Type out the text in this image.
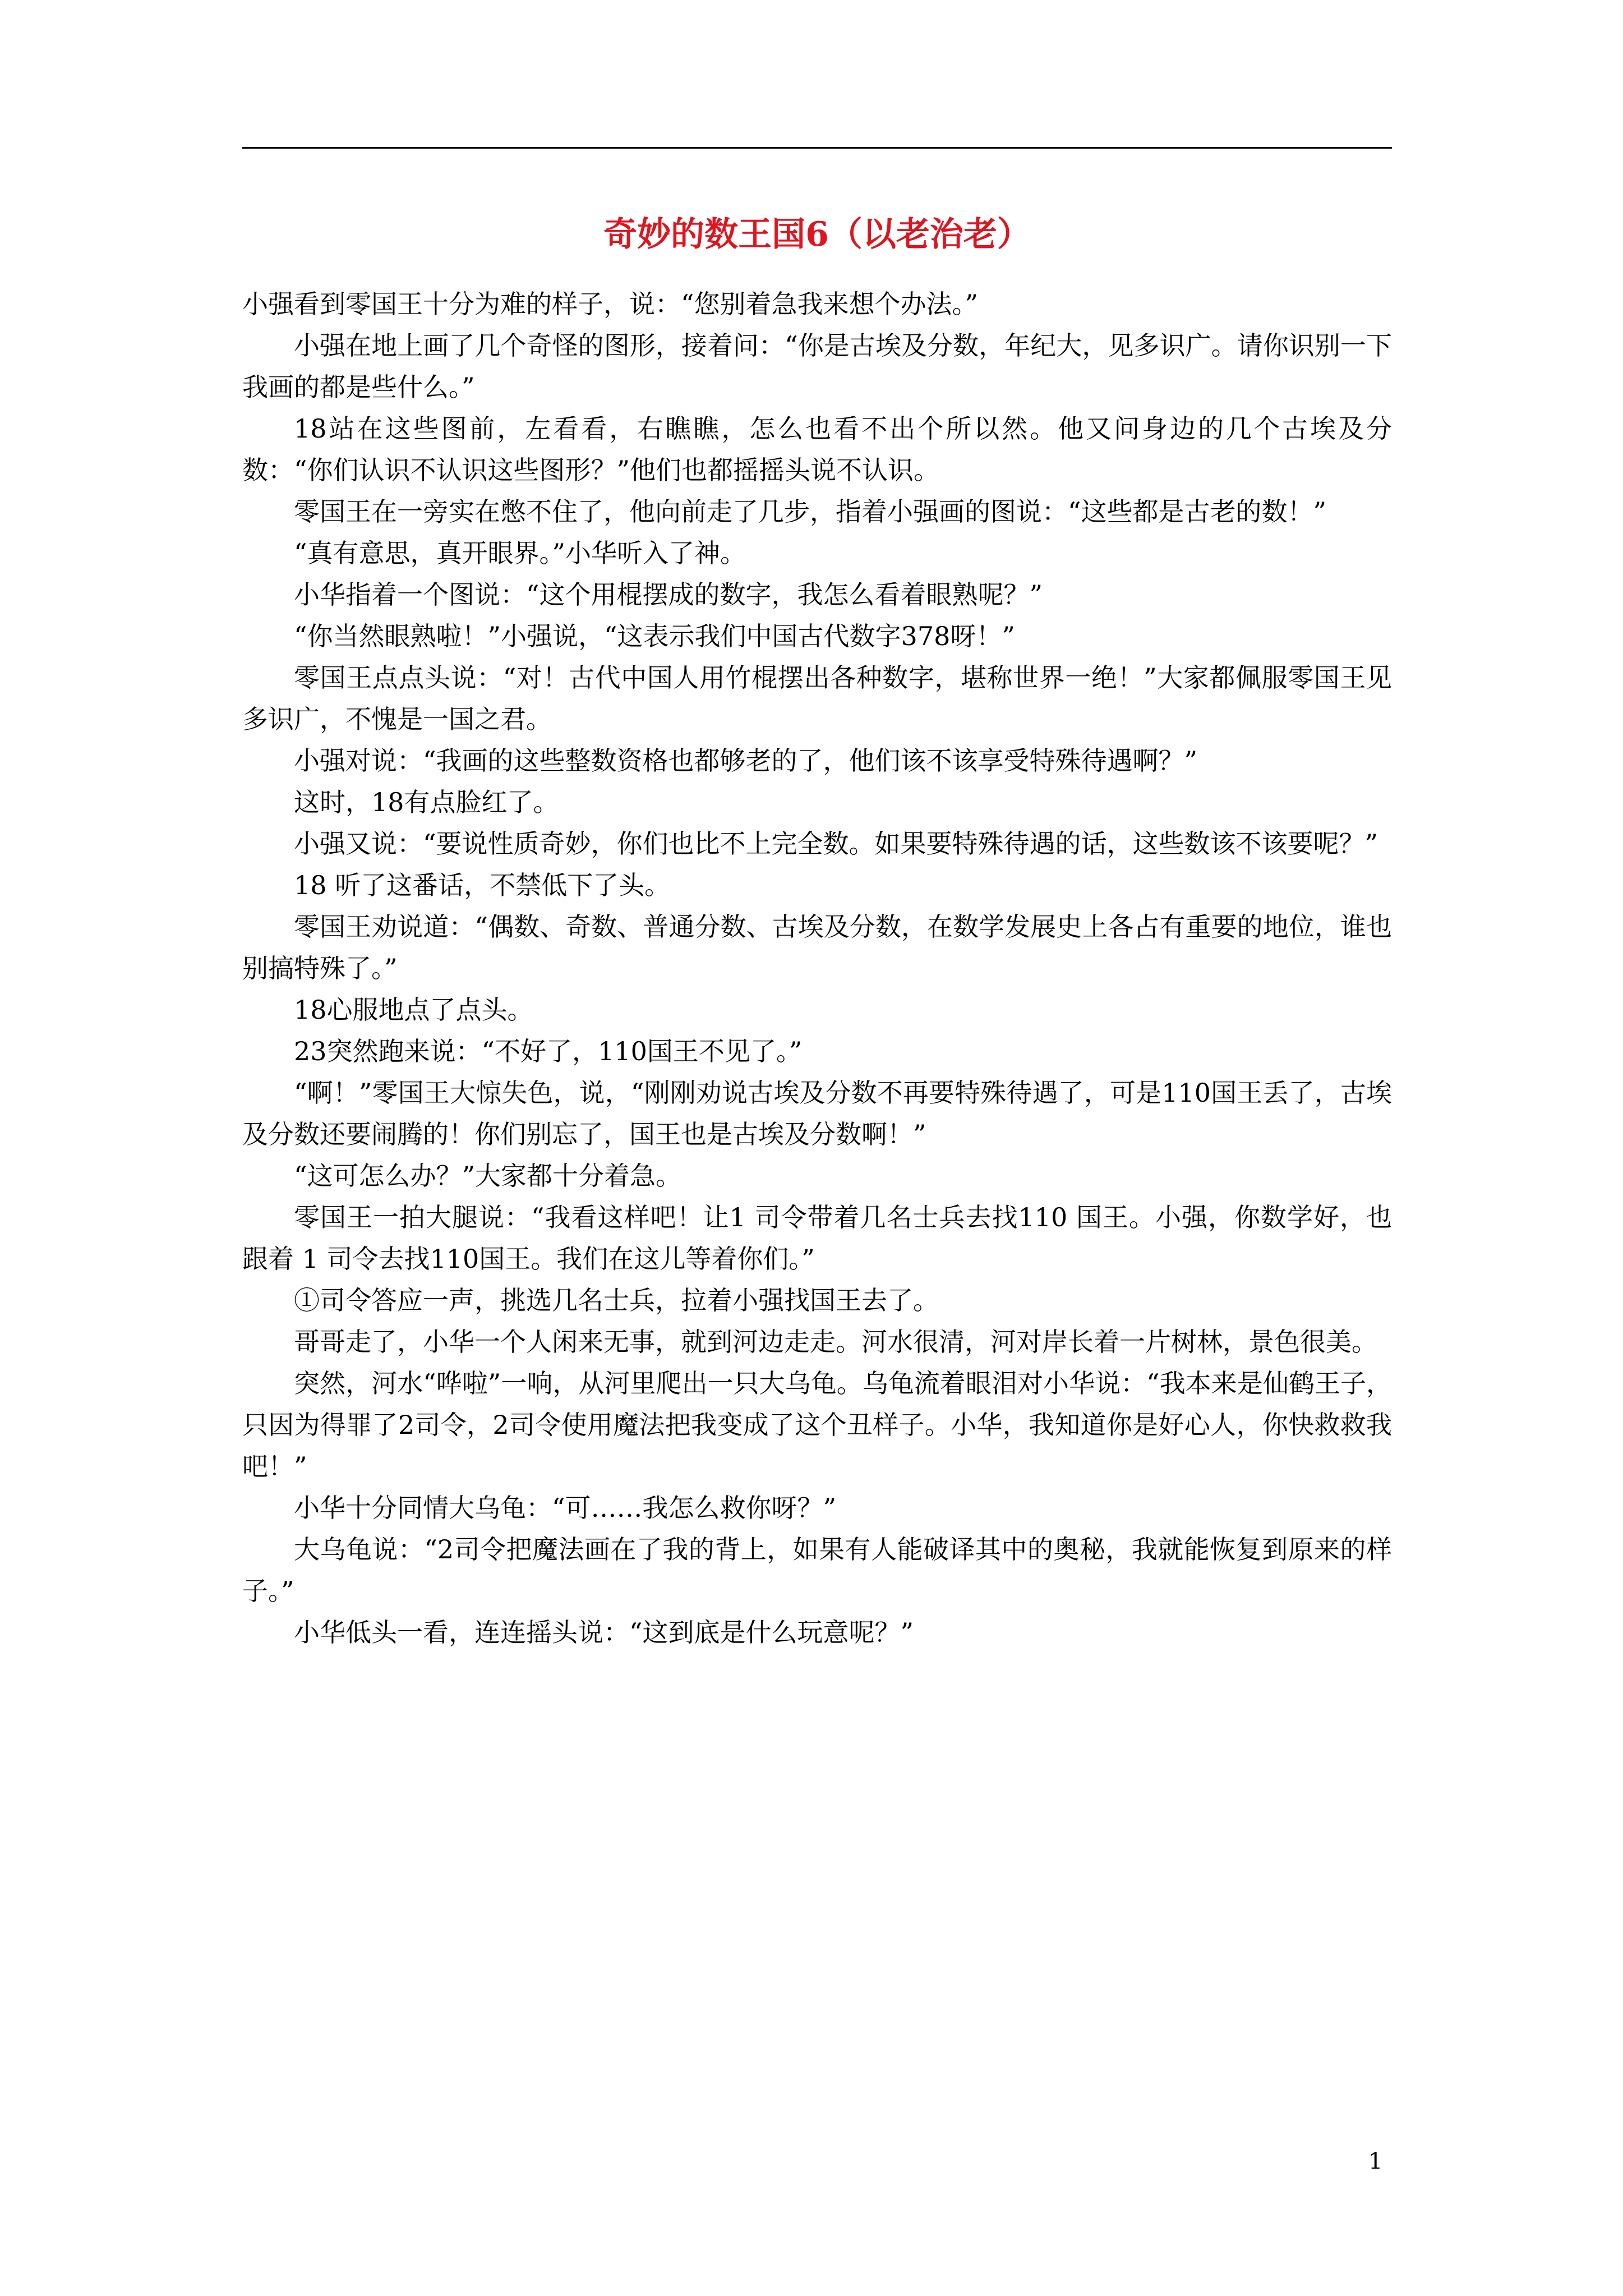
奇妙的数王国6（以老治老）

小强看到零国王十分为难的样子，说：“您别着急我来想个办法。”

小强在地上画了几个奇怪的图形，接着问：“你是古埃及分数，年纪大，见多识广。请你识别一下我画的都是些什么。”

18站在这些图前，左看看，右瞧瞧，怎么也看不出个所以然。他又问身边的几个古埃及分数：“你们认识不认识这些图形？”他们也都摇摇头说不认识。

零国王在一旁实在憋不住了，他向前走了几步，指着小强画的图说：“这些都是古老的数！”

“真有意思，真开眼界。”小华听入了神。

小华指着一个图说：“这个用棍摆成的数字，我怎么看着眼熟呢？”

“你当然眼熟啦！”小强说，“这表示我们中国古代数字378呀！”

零国王点点头说：“对！古代中国人用竹棍摆出各种数字，堪称世界一绝！”大家都佩服零国王见多识广，不愧是一国之君。

小强对说：“我画的这些整数资格也都够老的了，他们该不该享受特殊待遇啊？”

这时，18有点脸红了。

小强又说：“要说性质奇妙，你们也比不上完全数。如果要特殊待遇的话，这些数该不该要呢？”

18 听了这番话，不禁低下了头。

零国王劝说道：“偶数、奇数、普通分数、古埃及分数，在数学发展史上各占有重要的地位，谁也别搞特殊了。”

18心服地点了点头。

23突然跑来说：“不好了，110国王不见了。”

“啊！”零国王大惊失色，说，“刚刚劝说古埃及分数不再要特殊待遇了，可是110国王丢了，古埃及分数还要闹腾的！你们别忘了，国王也是古埃及分数啊！”

“这可怎么办？”大家都十分着急。

零国王一拍大腿说：“我看这样吧！让1 司令带着几名士兵去找110 国王。小强，你数学好，也跟着 1 司令去找110国王。我们在这儿等着你们。”

①司令答应一声，挑选几名士兵，拉着小强找国王去了。

哥哥走了，小华一个人闲来无事，就到河边走走。河水很清，河对岸长着一片树林，景色很美。

突然，河水“哗啦”一响，从河里爬出一只大乌龟。乌龟流着眼泪对小华说：“我本来是仙鹤王子，只因为得罪了2司令，2司令使用魔法把我变成了这个丑样子。小华，我知道你是好心人，你快救救我吧！”

小华十分同情大乌龟：“可……我怎么救你呀？”

大乌龟说：“2司令把魔法画在了我的背上，如果有人能破译其中的奥秘，我就能恢复到原来的样子。”

小华低头一看，连连摇头说：“这到底是什么玩意呢？”

1
